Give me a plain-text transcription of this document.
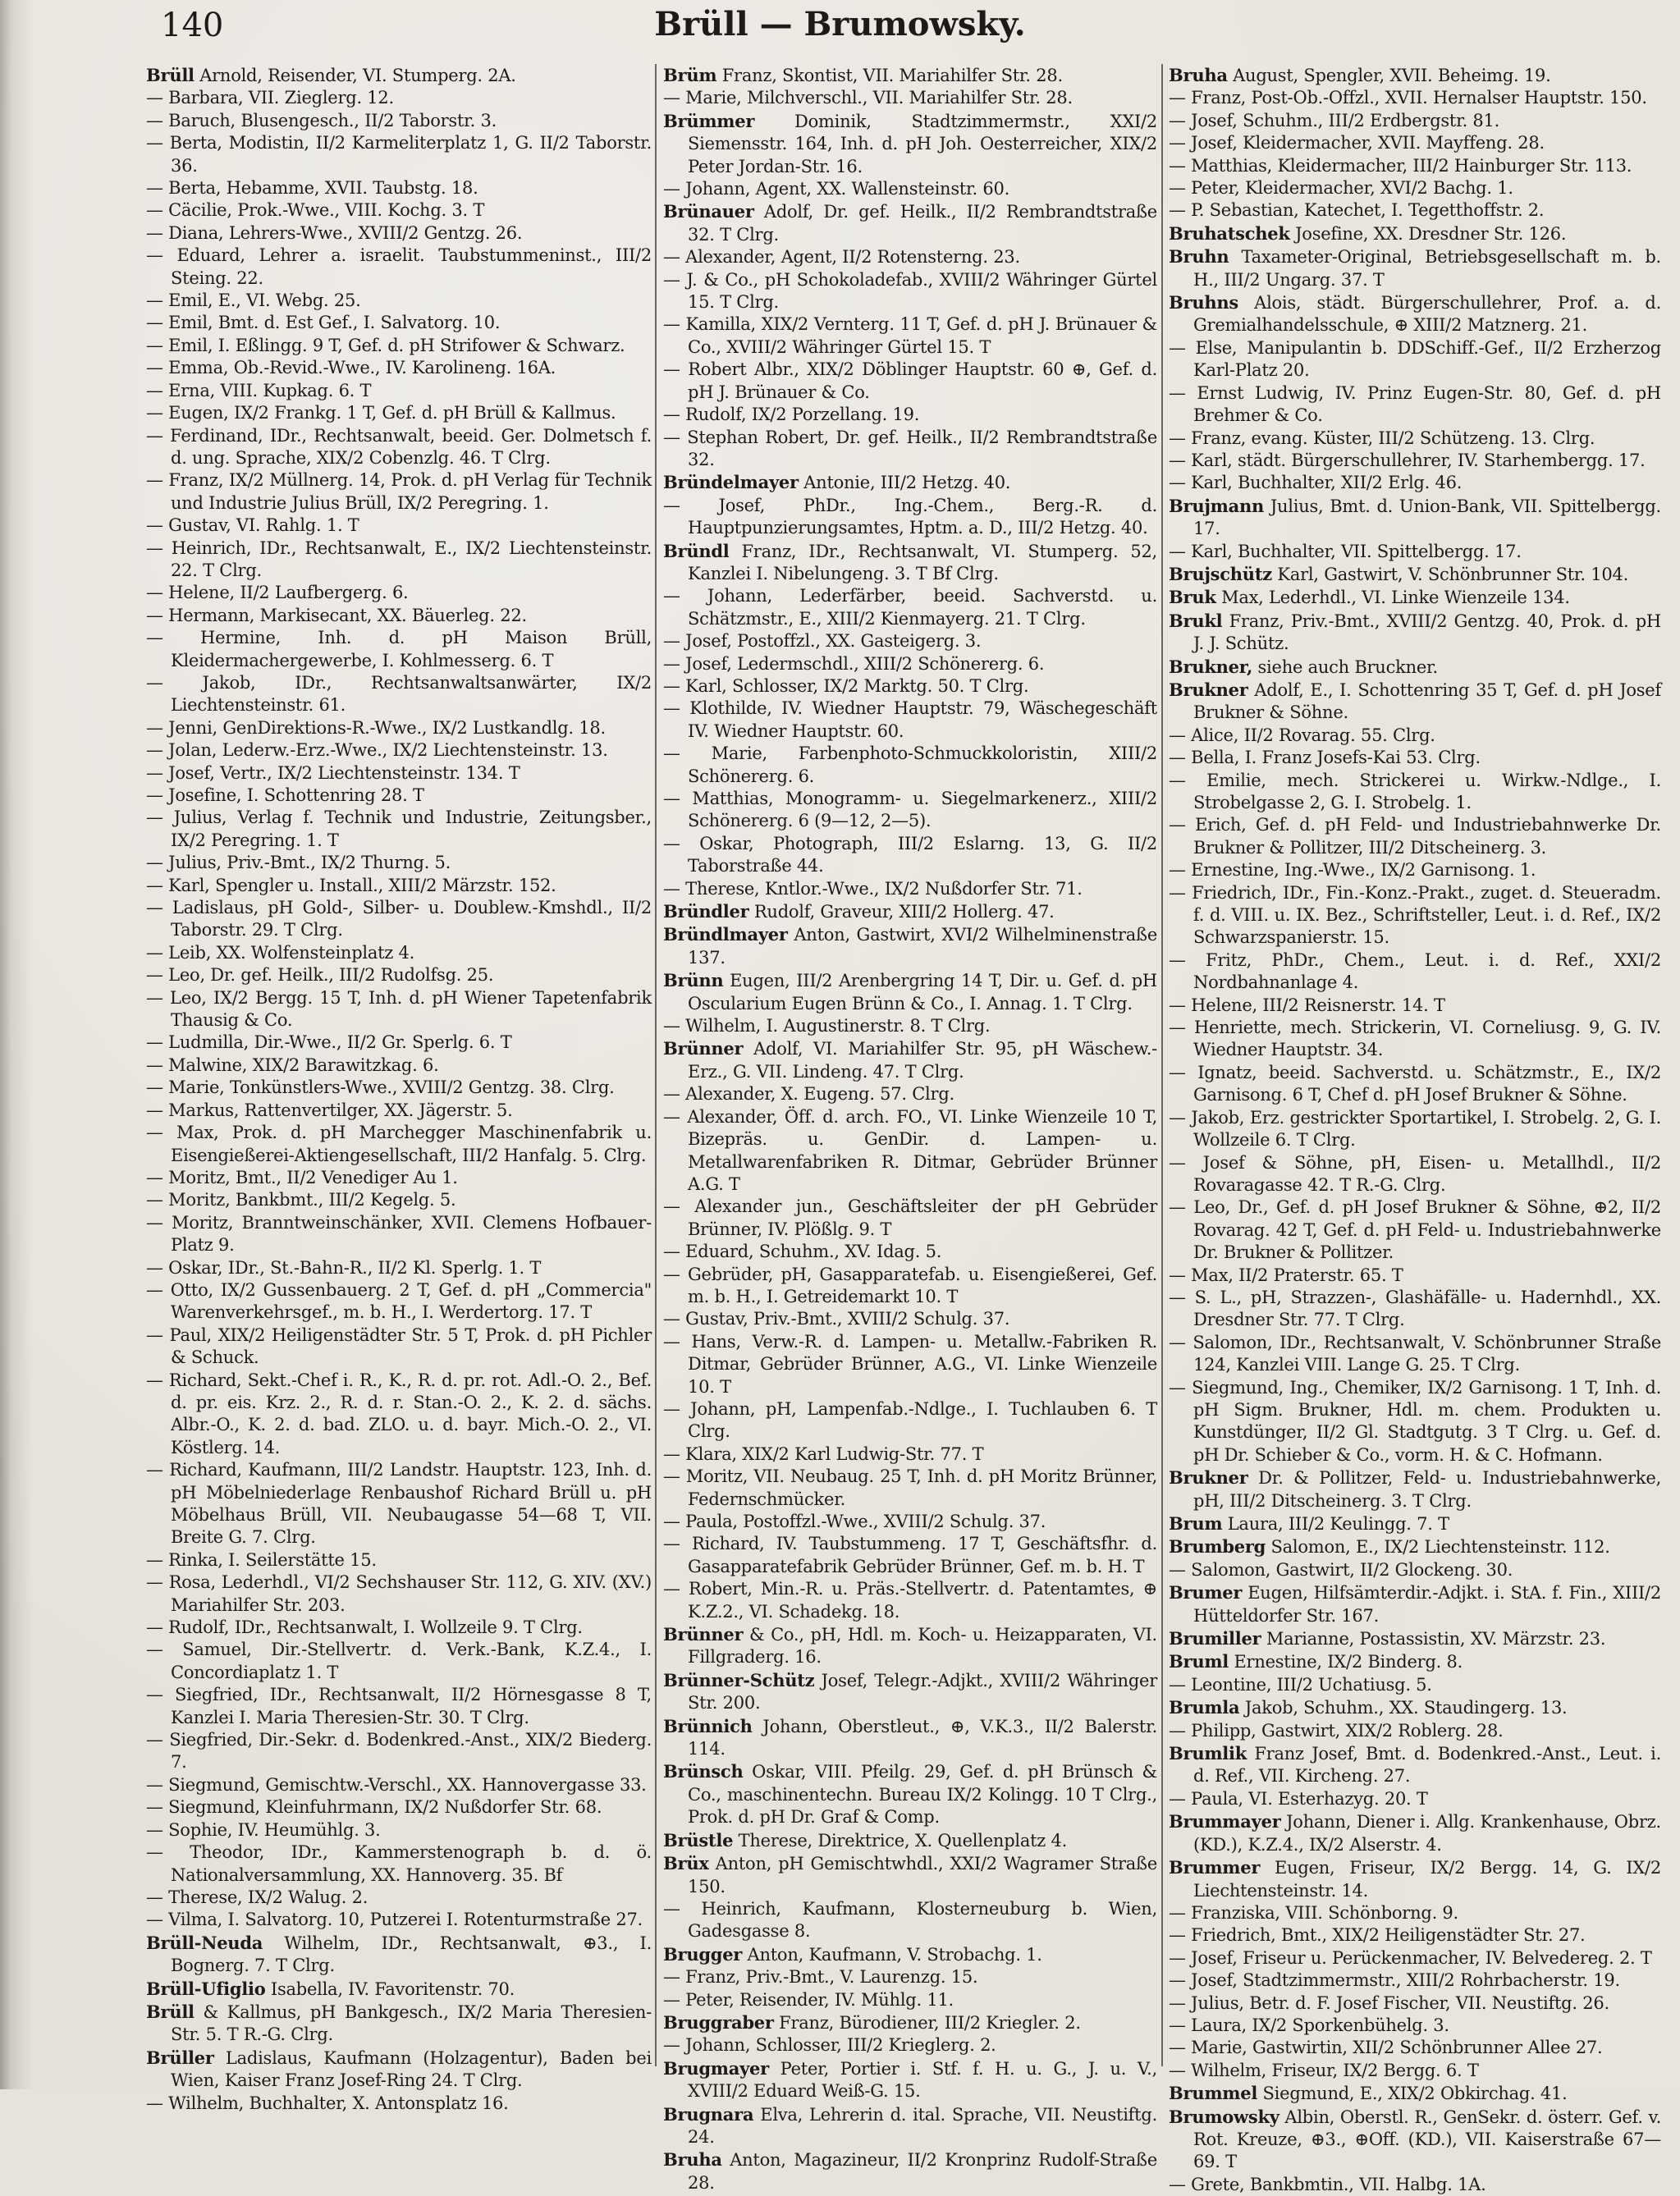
140	Brüll — Brumowsky.

Brüll Arnold, Reisender, VI. Stumperg. 2A.

— Barbara, VII. Zieglerg. 12.

— Baruch, Blusengesch., II/2 Taborstr. 3.

— Berta, Modistin, II/2 Karmeliterplatz 1, G. II/2 Taborstr. 36.

— Berta, Hebamme, XVII. Taubstg. 18.

— Cäcilie, Prok.-Wwe., VIII. Kochg. 3. T

— Diana, Lehrers-Wwe., XVIII/2 Gentzg. 26.

— Eduard, Lehrer a. israelit. Taubstummeninst., III/2 Steing. 22.

— Emil, E., VI. Webg. 25.

— Emil, Bmt. d. Est Gef., I. Salvatorg. 10.

— Emil, I. Eßlingg. 9 T, Gef. d. pH Strifower & Schwarz.

— Emma, Ob.-Revid.-Wwe., IV. Karolineng. 16A.

— Erna, VIII. Kupkag. 6. T

— Eugen, IX/2 Frankg. 1 T, Gef. d. pH Brüll & Kallmus.

— Ferdinand, IDr., Rechtsanwalt, beeid. Ger. Dolmetsch f. d. ung. Sprache, XIX/2 Cobenzlg. 46. T Clrg.

— Franz, IX/2 Müllnerg. 14, Prok. d. pH Verlag für Technik und Industrie Julius Brüll, IX/2 Peregring. 1.

— Gustav, VI. Rahlg. 1. T

— Heinrich, IDr., Rechtsanwalt, E., IX/2 Liechtensteinstr. 22. T Clrg.

— Helene, II/2 Laufbergerg. 6.

— Hermann, Markisecant, XX. Bäuerleg. 22.

— Hermine, Inh. d. pH Maison Brüll, Kleidermachergewerbe, I. Kohlmesserg. 6. T

— Jakob, IDr., Rechtsanwaltsanwärter, IX/2 Liechtensteinstr. 61.

— Jenni, GenDirektions-R.-Wwe., IX/2 Lustkandlg. 18.

— Jolan, Lederw.-Erz.-Wwe., IX/2 Liechtensteinstr. 13.

— Josef, Vertr., IX/2 Liechtensteinstr. 134. T

— Josefine, I. Schottenring 28. T

— Julius, Verlag f. Technik und Industrie, Zeitungsber., IX/2 Peregring. 1. T

— Julius, Priv.-Bmt., IX/2 Thurng. 5.

— Karl, Spengler u. Install., XIII/2 Märzstr. 152.

— Ladislaus, pH Gold-, Silber- u. Doublew.-Kmshdl., II/2 Taborstr. 29. T Clrg.

— Leib, XX. Wolfensteinplatz 4.

— Leo, Dr. gef. Heilk., III/2 Rudolfsg. 25.

— Leo, IX/2 Bergg. 15 T, Inh. d. pH Wiener Tapetenfabrik Thausig & Co.

— Ludmilla, Dir.-Wwe., II/2 Gr. Sperlg. 6. T

— Malwine, XIX/2 Barawitzkag. 6.

— Marie, Tonkünstlers-Wwe., XVIII/2 Gentzg. 38. Clrg.

— Markus, Rattenvertilger, XX. Jägerstr. 5.

— Max, Prok. d. pH Marchegger Maschinenfabrik u. Eisengießerei-Aktiengesellschaft, III/2 Hanfalg. 5. Clrg.

— Moritz, Bmt., II/2 Venediger Au 1.

— Moritz, Bankbmt., III/2 Kegelg. 5.

— Moritz, Branntweinschänker, XVII. Clemens Hofbauer-Platz 9.

— Oskar, IDr., St.-Bahn-R., II/2 Kl. Sperlg. 1. T

— Otto, IX/2 Gussenbauerg. 2 T, Gef. d. pH „Commercia" Warenverkehrsgef., m. b. H., I. Werdertorg. 17. T

— Paul, XIX/2 Heiligenstädter Str. 5 T, Prok. d. pH Pichler & Schuck.

— Richard, Sekt.-Chef i. R., K., R. d. pr. rot. Adl.-O. 2., Bef. d. pr. eis. Krz. 2., R. d. r. Stan.-O. 2., K. 2. d. sächs. Albr.-O., K. 2. d. bad. ZLO. u. d. bayr. Mich.-O. 2., VI. Köstlerg. 14.

— Richard, Kaufmann, III/2 Landstr. Hauptstr. 123, Inh. d. pH Möbelniederlage Renbaushof Richard Brüll u. pH Möbelhaus Brüll, VII. Neubaugasse 54—68 T, VII. Breite G. 7. Clrg.

— Rinka, I. Seilerstätte 15.

— Rosa, Lederhdl., VI/2 Sechshauser Str. 112, G. XIV. (XV.) Mariahilfer Str. 203.

— Rudolf, IDr., Rechtsanwalt, I. Wollzeile 9. T Clrg.

— Samuel, Dir.-Stellvertr. d. Verk.-Bank, K.Z.4., I. Concordiaplatz 1. T

— Siegfried, IDr., Rechtsanwalt, II/2 Hörnesgasse 8 T, Kanzlei I. Maria Theresien-Str. 30. T Clrg.

— Siegfried, Dir.-Sekr. d. Bodenkred.-Anst., XIX/2 Biederg. 7.

— Siegmund, Gemischtw.-Verschl., XX. Hannovergasse 33.

— Siegmund, Kleinfuhrmann, IX/2 Nußdorfer Str. 68.

— Sophie, IV. Heumühlg. 3.

— Theodor, IDr., Kammerstenograph b. d. ö. Nationalversammlung, XX. Hannoverg. 35. Bf

— Therese, IX/2 Walug. 2.

— Vilma, I. Salvatorg. 10, Putzerei I. Rotenturmstraße 27.

Brüll-Neuda Wilhelm, IDr., Rechtsanwalt, ⊕3., I. Bognerg. 7. T Clrg.

Brüll-Ufiglio Isabella, IV. Favoritenstr. 70.

Brüll & Kallmus, pH Bankgesch., IX/2 Maria Theresien-Str. 5. T R.-G. Clrg.

Brüller Ladislaus, Kaufmann (Holzagentur), Baden bei Wien, Kaiser Franz Josef-Ring 24. T Clrg.

— Wilhelm, Buchhalter, X. Antonsplatz 16.

Brüm Franz, Skontist, VII. Mariahilfer Str. 28.

— Marie, Milchverschl., VII. Mariahilfer Str. 28.

Brümmer Dominik, Stadtzimmermstr., XXI/2 Siemensstr. 164, Inh. d. pH Joh. Oesterreicher, XIX/2 Peter Jordan-Str. 16.

— Johann, Agent, XX. Wallensteinstr. 60.

Brünauer Adolf, Dr. gef. Heilk., II/2 Rembrandtstraße 32. T Clrg.

— Alexander, Agent, II/2 Rotensterng. 23.

— J. & Co., pH Schokoladefab., XVIII/2 Währinger Gürtel 15. T Clrg.

— Kamilla, XIX/2 Vernterg. 11 T, Gef. d. pH J. Brünauer & Co., XVIII/2 Währinger Gürtel 15. T

— Robert Albr., XIX/2 Döblinger Hauptstr. 60 ⊕, Gef. d. pH J. Brünauer & Co.

— Rudolf, IX/2 Porzellang. 19.

— Stephan Robert, Dr. gef. Heilk., II/2 Rembrandtstraße 32.

Bründelmayer Antonie, III/2 Hetzg. 40.

— Josef, PhDr., Ing.-Chem., Berg.-R. d. Hauptpunzierungsamtes, Hptm. a. D., III/2 Hetzg. 40.

Bründl Franz, IDr., Rechtsanwalt, VI. Stumperg. 52, Kanzlei I. Nibelungeng. 3. T Bf Clrg.

— Johann, Lederfärber, beeid. Sachverstd. u. Schätzmstr., E., XIII/2 Kienmayerg. 21. T Clrg.

— Josef, Postoffzl., XX. Gasteigerg. 3.

— Josef, Ledermschdl., XIII/2 Schönererg. 6.

— Karl, Schlosser, IX/2 Marktg. 50. T Clrg.

— Klothilde, IV. Wiedner Hauptstr. 79, Wäschegeschäft IV. Wiedner Hauptstr. 60.

— Marie, Farbenphoto-Schmuckkoloristin, XIII/2 Schönererg. 6.

— Matthias, Monogramm- u. Siegelmarkenerz., XIII/2 Schönererg. 6 (9—12, 2—5).

— Oskar, Photograph, III/2 Eslarng. 13, G. II/2 Taborstraße 44.

— Therese, Kntlor.-Wwe., IX/2 Nußdorfer Str. 71.

Bründler Rudolf, Graveur, XIII/2 Hollerg. 47.

Bründlmayer Anton, Gastwirt, XVI/2 Wilhelminenstraße 137.

Brünn Eugen, III/2 Arenbergring 14 T, Dir. u. Gef. d. pH Oscularium Eugen Brünn & Co., I. Annag. 1. T Clrg.

— Wilhelm, I. Augustinerstr. 8. T Clrg.

Brünner Adolf, VI. Mariahilfer Str. 95, pH Wäschew.-Erz., G. VII. Lindeng. 47. T Clrg.

— Alexander, X. Eugeng. 57. Clrg.

— Alexander, Öff. d. arch. FO., VI. Linke Wienzeile 10 T, Bizepräs. u. GenDir. d. Lampen- u. Metallwarenfabriken R. Ditmar, Gebrüder Brünner A.G. T

— Alexander jun., Geschäftsleiter der pH Gebrüder Brünner, IV. Plößlg. 9. T

— Eduard, Schuhm., XV. Idag. 5.

— Gebrüder, pH, Gasapparatefab. u. Eisengießerei, Gef. m. b. H., I. Getreidemarkt 10. T

— Gustav, Priv.-Bmt., XVIII/2 Schulg. 37.

— Hans, Verw.-R. d. Lampen- u. Metallw.-Fabriken R. Ditmar, Gebrüder Brünner, A.G., VI. Linke Wienzeile 10. T

— Johann, pH, Lampenfab.-Ndlge., I. Tuchlauben 6. T Clrg.

— Klara, XIX/2 Karl Ludwig-Str. 77. T

— Moritz, VII. Neubaug. 25 T, Inh. d. pH Moritz Brünner, Federnschmücker.

— Paula, Postoffzl.-Wwe., XVIII/2 Schulg. 37.

— Richard, IV. Taubstummeng. 17 T, Geschäftsfhr. d. Gasapparatefabrik Gebrüder Brünner, Gef. m. b. H. T

— Robert, Min.-R. u. Präs.-Stellvertr. d. Patentamtes, ⊕ K.Z.2., VI. Schadekg. 18.

Brünner & Co., pH, Hdl. m. Koch- u. Heizapparaten, VI. Fillgraderg. 16.

Brünner-Schütz Josef, Telegr.-Adjkt., XVIII/2 Währinger Str. 200.

Brünnich Johann, Oberstleut., ⊕, V.K.3., II/2 Balerstr. 114.

Brünsch Oskar, VIII. Pfeilg. 29, Gef. d. pH Brünsch & Co., maschinentechn. Bureau IX/2 Kolingg. 10 T Clrg., Prok. d. pH Dr. Graf & Comp.

Brüstle Therese, Direktrice, X. Quellenplatz 4.

Brüx Anton, pH Gemischtwhdl., XXI/2 Wagramer Straße 150.

— Heinrich, Kaufmann, Klosterneuburg b. Wien, Gadesgasse 8.

Brugger Anton, Kaufmann, V. Strobachg. 1.

— Franz, Priv.-Bmt., V. Laurenzg. 15.

— Peter, Reisender, IV. Mühlg. 11.

Bruggraber Franz, Bürodiener, III/2 Kriegler. 2.

— Johann, Schlosser, III/2 Krieglerg. 2.

Brugmayer Peter, Portier i. Stf. f. H. u. G., J. u. V., XVIII/2 Eduard Weiß-G. 15.

Brugnara Elva, Lehrerin d. ital. Sprache, VII. Neustiftg. 24.

Bruha Anton, Magazineur, II/2 Kronprinz Rudolf-Straße 28.

Bruha August, Spengler, XVII. Beheimg. 19.

— Franz, Post-Ob.-Offzl., XVII. Hernalser Hauptstr. 150.

— Josef, Schuhm., III/2 Erdbergstr. 81.

— Josef, Kleidermacher, XVII. Mayffeng. 28.

— Matthias, Kleidermacher, III/2 Hainburger Str. 113.

— Peter, Kleidermacher, XVI/2 Bachg. 1.

— P. Sebastian, Katechet, I. Tegetthoffstr. 2.

Bruhatschek Josefine, XX. Dresdner Str. 126.

Bruhn Taxameter-Original, Betriebsgesellschaft m. b. H., III/2 Ungarg. 37. T

Bruhns Alois, städt. Bürgerschullehrer, Prof. a. d. Gremialhandelsschule, ⊕ XIII/2 Matznerg. 21.

— Else, Manipulantin b. DDSchiff.-Gef., II/2 Erzherzog Karl-Platz 20.

— Ernst Ludwig, IV. Prinz Eugen-Str. 80, Gef. d. pH Brehmer & Co.

— Franz, evang. Küster, III/2 Schützeng. 13. Clrg.

— Karl, städt. Bürgerschullehrer, IV. Starhembergg. 17.

— Karl, Buchhalter, XII/2 Erlg. 46.

Brujmann Julius, Bmt. d. Union-Bank, VII. Spittelbergg. 17.

— Karl, Buchhalter, VII. Spittelbergg. 17.

Brujschütz Karl, Gastwirt, V. Schönbrunner Str. 104.

Bruk Max, Lederhdl., VI. Linke Wienzeile 134.

Brukl Franz, Priv.-Bmt., XVIII/2 Gentzg. 40, Prok. d. pH J. J. Schütz.

Brukner, siehe auch Bruckner.

Brukner Adolf, E., I. Schottenring 35 T, Gef. d. pH Josef Brukner & Söhne.

— Alice, II/2 Rovarag. 55. Clrg.

— Bella, I. Franz Josefs-Kai 53. Clrg.

— Emilie, mech. Strickerei u. Wirkw.-Ndlge., I. Strobelgasse 2, G. I. Strobelg. 1.

— Erich, Gef. d. pH Feld- und Industriebahnwerke Dr. Brukner & Pollitzer, III/2 Ditscheinerg. 3.

— Ernestine, Ing.-Wwe., IX/2 Garnisong. 1.

— Friedrich, IDr., Fin.-Konz.-Prakt., zuget. d. Steueradm. f. d. VIII. u. IX. Bez., Schriftsteller, Leut. i. d. Ref., IX/2 Schwarzspanierstr. 15.

— Fritz, PhDr., Chem., Leut. i. d. Ref., XXI/2 Nordbahnanlage 4.

— Helene, III/2 Reisnerstr. 14. T

— Henriette, mech. Strickerin, VI. Corneliusg. 9, G. IV. Wiedner Hauptstr. 34.

— Ignatz, beeid. Sachverstd. u. Schätzmstr., E., IX/2 Garnisong. 6 T, Chef d. pH Josef Brukner & Söhne.

— Jakob, Erz. gestrickter Sportartikel, I. Strobelg. 2, G. I. Wollzeile 6. T Clrg.

— Josef & Söhne, pH, Eisen- u. Metallhdl., II/2 Rovaragasse 42. T R.-G. Clrg.

— Leo, Dr., Gef. d. pH Josef Brukner & Söhne, ⊕2, II/2 Rovarag. 42 T, Gef. d. pH Feld- u. Industriebahnwerke Dr. Brukner & Pollitzer.

— Max, II/2 Praterstr. 65. T

— S. L., pH, Strazzen-, Glashäfälle- u. Hadernhdl., XX. Dresdner Str. 77. T Clrg.

— Salomon, IDr., Rechtsanwalt, V. Schönbrunner Straße 124, Kanzlei VIII. Lange G. 25. T Clrg.

— Siegmund, Ing., Chemiker, IX/2 Garnisong. 1 T, Inh. d. pH Sigm. Brukner, Hdl. m. chem. Produkten u. Kunstdünger, II/2 Gl. Stadtgutg. 3 T Clrg. u. Gef. d. pH Dr. Schieber & Co., vorm. H. & C. Hofmann.

Brukner Dr. & Pollitzer, Feld- u. Industriebahnwerke, pH, III/2 Ditscheinerg. 3. T Clrg.

Brum Laura, III/2 Keulingg. 7. T

Brumberg Salomon, E., IX/2 Liechtensteinstr. 112.

— Salomon, Gastwirt, II/2 Glockeng. 30.

Brumer Eugen, Hilfsämterdir.-Adjkt. i. StA. f. Fin., XIII/2 Hütteldorfer Str. 167.

Brumiller Marianne, Postassistin, XV. Märzstr. 23.

Bruml Ernestine, IX/2 Binderg. 8.

— Leontine, III/2 Uchatiusg. 5.

Brumla Jakob, Schuhm., XX. Staudingerg. 13.

— Philipp, Gastwirt, XIX/2 Roblerg. 28.

Brumlik Franz Josef, Bmt. d. Bodenkred.-Anst., Leut. i. d. Ref., VII. Kircheng. 27.

— Paula, VI. Esterhazyg. 20. T

Brummayer Johann, Diener i. Allg. Krankenhause, Obrz. (KD.), K.Z.4., IX/2 Alserstr. 4.

Brummer Eugen, Friseur, IX/2 Bergg. 14, G. IX/2 Liechtensteinstr. 14.

— Franziska, VIII. Schönborng. 9.

— Friedrich, Bmt., XIX/2 Heiligenstädter Str. 27.

— Josef, Friseur u. Perückenmacher, IV. Belvedereg. 2. T

— Josef, Stadtzimmermstr., XIII/2 Rohrbacherstr. 19.

— Julius, Betr. d. F. Josef Fischer, VII. Neustiftg. 26.

— Laura, IX/2 Sporkenbühelg. 3.

— Marie, Gastwirtin, XII/2 Schönbrunner Allee 27.

— Wilhelm, Friseur, IX/2 Bergg. 6. T

Brummel Siegmund, E., XIX/2 Obkirchag. 41.

Brumowsky Albin, Oberstl. R., GenSekr. d. österr. Gef. v. Rot. Kreuze, ⊕3., ⊕Off. (KD.), VII. Kaiserstraße 67—69. T

— Grete, Bankbmtin., VII. Halbg. 1A.
